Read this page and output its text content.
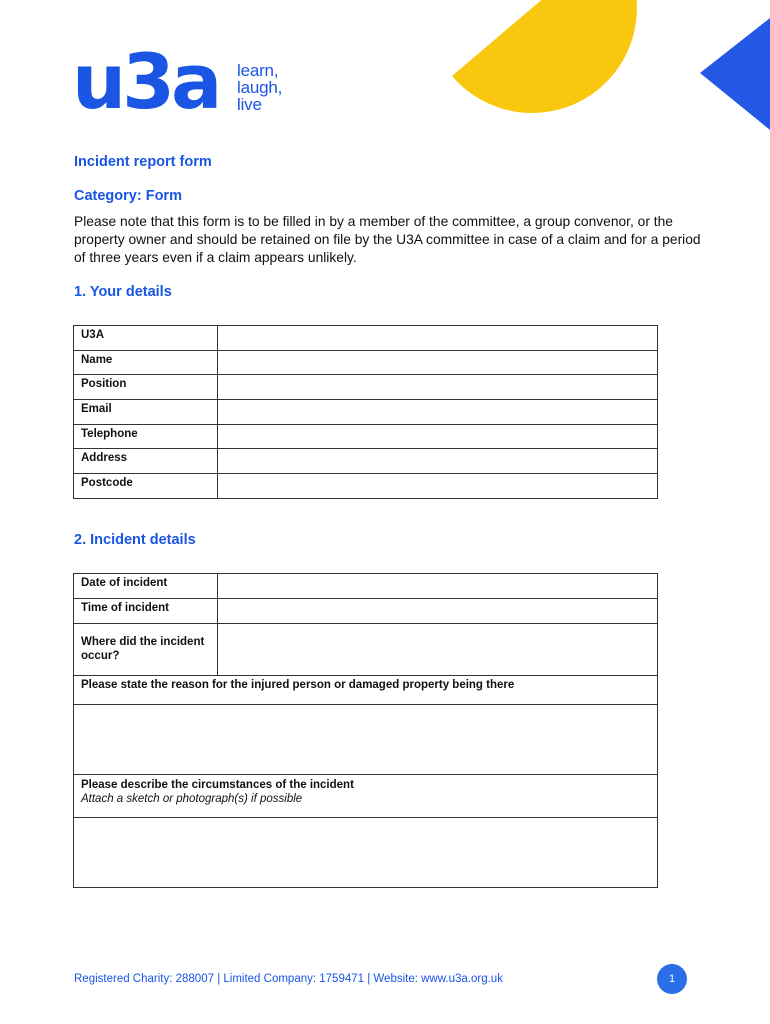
u3a learn,
laugh,
live
Incident report form
Category: Form

Please note that this form is to be filled in by a member of the committee, a group convenor, or the property owner and should be retained on file by the U3A committee in case of a claim and for a period of three years even if a claim appears unlikely.

1. Your details
U3A	
Name	
Position	
Email	
Telephone	
Address	
Postcode	
2. Incident details
Date of incident	
Time of incident	
Where did the incident occur?	
Please state the reason for the injured person or damaged property being there	

Please describe the circumstances of the incident
Attach a sketch or photograph(s) if possible	

Registered Charity: 288007 | Limited Company: 1759471 | Website: www.u3a.org.uk	1
